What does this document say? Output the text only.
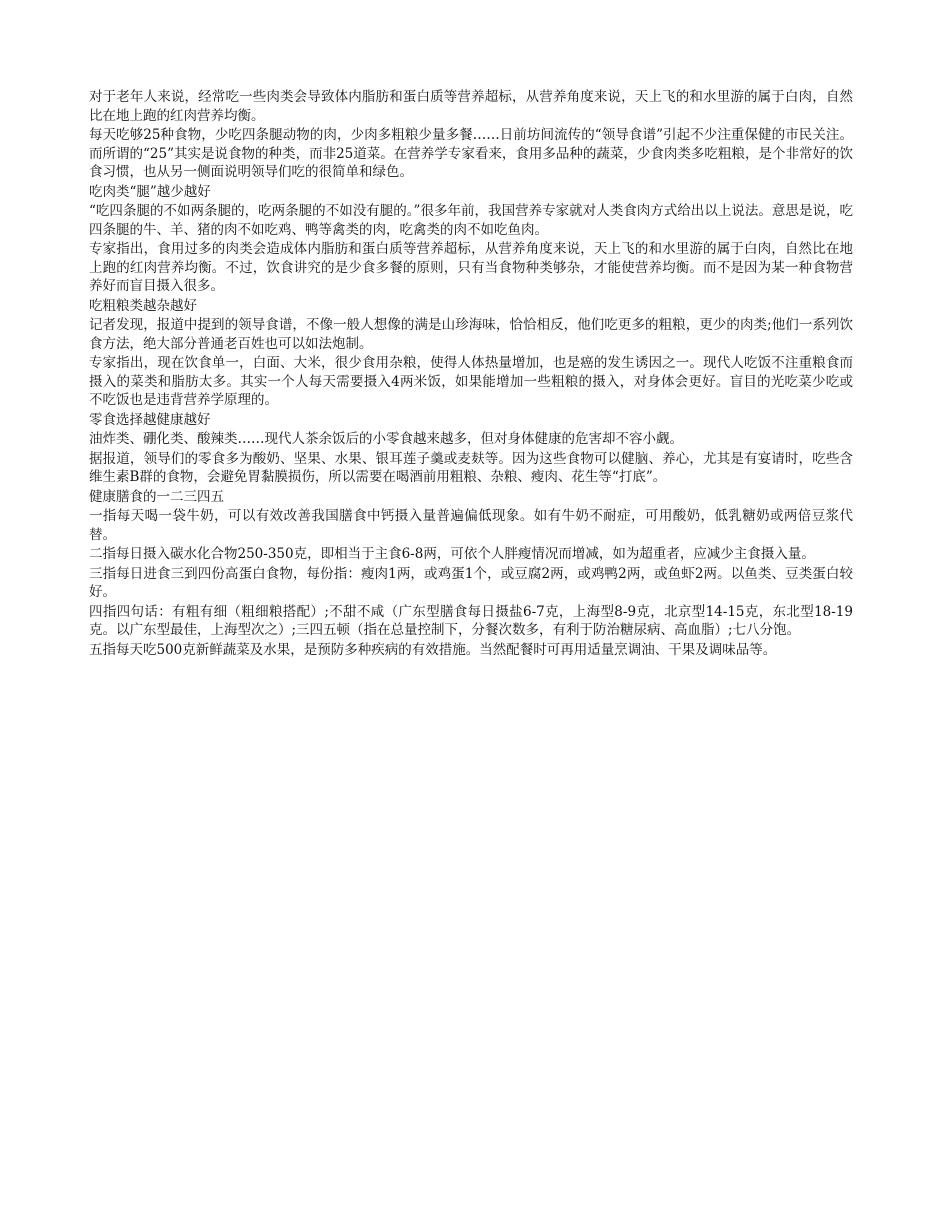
对于老年人来说，经常吃一些肉类会导致体内脂肪和蛋白质等营养超标，从营养角度来说，天上飞的和水里游的属于白肉，自然比在地上跑的红肉营养均衡。

每天吃够25种食物，少吃四条腿动物的肉，少肉多粗粮少量多餐……日前坊间流传的“领导食谱”引起不少注重保健的市民关注。而所谓的“25”其实是说食物的种类，而非25道菜。在营养学专家看来，食用多品种的蔬菜，少食肉类多吃粗粮，是个非常好的饮食习惯，也从另一侧面说明领导们吃的很简单和绿色。

吃肉类“腿”越少越好

“吃四条腿的不如两条腿的，吃两条腿的不如没有腿的。”很多年前，我国营养专家就对人类食肉方式给出以上说法。意思是说，吃四条腿的牛、羊、猪的肉不如吃鸡、鸭等禽类的肉，吃禽类的肉不如吃鱼肉。

专家指出，食用过多的肉类会造成体内脂肪和蛋白质等营养超标，从营养角度来说，天上飞的和水里游的属于白肉，自然比在地上跑的红肉营养均衡。不过，饮食讲究的是少食多餐的原则，只有当食物种类够杂，才能使营养均衡。而不是因为某一种食物营养好而盲目摄入很多。

吃粗粮类越杂越好

记者发现，报道中提到的领导食谱，不像一般人想像的满是山珍海味，恰恰相反，他们吃更多的粗粮，更少的肉类;他们一系列饮食方法，绝大部分普通老百姓也可以如法炮制。

专家指出，现在饮食单一，白面、大米，很少食用杂粮，使得人体热量增加，也是癌的发生诱因之一。现代人吃饭不注重粮食而摄入的菜类和脂肪太多。其实一个人每天需要摄入4两米饭，如果能增加一些粗粮的摄入，对身体会更好。盲目的光吃菜少吃或不吃饭也是违背营养学原理的。

零食选择越健康越好

油炸类、硼化类、酸辣类……现代人茶余饭后的小零食越来越多，但对身体健康的危害却不容小觑。

据报道，领导们的零食多为酸奶、坚果、水果、银耳莲子羹或麦麸等。因为这些食物可以健脑、养心，尤其是有宴请时，吃些含维生素B群的食物，会避免胃黏膜损伤，所以需要在喝酒前用粗粮、杂粮、瘦肉、花生等“打底”。

健康膳食的一二三四五

一指每天喝一袋牛奶，可以有效改善我国膳食中钙摄入量普遍偏低现象。如有牛奶不耐症，可用酸奶，低乳糖奶或两倍豆浆代替。

二指每日摄入碳水化合物250-350克，即相当于主食6-8两，可依个人胖瘦情况而增减，如为超重者，应减少主食摄入量。

三指每日进食三到四份高蛋白食物，每份指：瘦肉1两，或鸡蛋1个，或豆腐2两，或鸡鸭2两，或鱼虾2两。以鱼类、豆类蛋白较好。

四指四句话：有粗有细（粗细粮搭配）;不甜不咸（广东型膳食每日摄盐6-7克，上海型8-9克，北京型14-15克，东北型18-19克。以广东型最佳，上海型次之）;三四五顿（指在总量控制下，分餐次数多，有利于防治糖尿病、高血脂）;七八分饱。

五指每天吃500克新鲜蔬菜及水果，是预防多种疾病的有效措施。当然配餐时可再用适量烹调油、干果及调味品等。
